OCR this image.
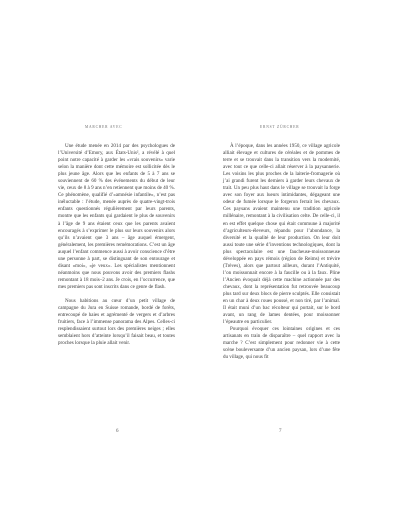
MARCHER AVEC

Une étude menée en 2014 par des psychologues de l’Université d’Emory, aux États-Unis², a révélé à quel point notre capacité à garder les «vrais souvenirs» varie selon la manière dont cette mémoire est sollicitée dès le plus jeune âge. Alors que les enfants de 5 à 7 ans se souviennent de 60 % des événements du début de leur vie, ceux de 8 à 9 ans n’en retiennent que moins de 40 %. Ce phénomène, qualifié d’«amnésie infantile», n’est pas inéluctable : l’étude, menée auprès de quatre-vingt-trois enfants questionnés régulièrement par leurs parents, montre que les enfants qui gardaient le plus de souvenirs à l’âge de 9 ans étaient ceux que les parents avaient encouragés à s’exprimer le plus sur leurs souvenirs alors qu’ils n’avaient que 3 ans – âge auquel émergent, généralement, les premières remémorations. C’est un âge auquel l’enfant commence aussi à avoir conscience d’être une personne à part, se distinguant de son entourage et disant «moi», «je veux». Les spécialistes mentionnent néanmoins que nous pouvons avoir des premiers flashs remontant à 18 mois–2 ans. Je crois, en l’occurrence, que mes premiers pas sont inscrits dans ce genre de flash.

Nous habitions au cœur d’un petit village de campagne du Jura en Suisse romande, bordé de forêts, entrecoupé de haies et agrémenté de vergers et d’arbres fruitiers, face à l’immense panorama des Alpes. Celles-ci resplendissaient surtout lors des premières neiges ; elles semblaient hors d’atteinte lorsqu’il faisait beau, et toutes proches lorsque la pluie allait venir.

6
ERNST ZÜRCHER

À l’époque, dans les années 1950, ce village agricole alliait élevage et cultures de céréales et de pommes de terre et se trouvait dans la transition vers la modernité, avec tout ce que celle-ci allait réserver à la paysannerie. Les voisins les plus proches de la laiterie-fromagerie où j’ai grandi furent les derniers à garder leurs chevaux de trait. Un peu plus haut dans le village se trouvait la forge avec son foyer aux lueurs intimidantes, dégageant une odeur de fumée lorsque le forgeron ferrait les chevaux. Ces paysans avaient maintenu une tradition agricole millénaire, remontant à la civilisation celte. De celle-ci, il en est effet quelque chose qui était commune à majorité d’agriculteurs-éleveurs, répandu pour l’abondance, la diversité et la qualité de leur production. On leur doit aussi toute une série d’inventions technologiques, dont la plus spectaculaire est une faucheuse-moissonneuse développée en pays rémois (région de Reims) et trévire (Trèves), alors que partout ailleurs, durant l’Antiquité, l’on moissonnait encore à la faucille ou à la faux. Pline l’Ancien évoquait déjà cette machine actionnée par des chevaux, dont la représentation fut retrouvée beaucoup plus tard sur deux blocs de pierre sculptés. Elle consistait en un char à deux roues poussé, et non tiré, par l’animal. Il était muni d’un bac récolteur qui portait, sur le bord avant, un rang de lames dentées, pour moissonner l’épeautre en particulier.

Pourquoi évoquer ces lointaines origines et ces artisanats en train de disparaître – quel rapport avec la marche ? C’est simplement pour redonner vie à cette scène bouleversante d’un ancien paysan, lors d’une fête du village, qui nous fit

7
